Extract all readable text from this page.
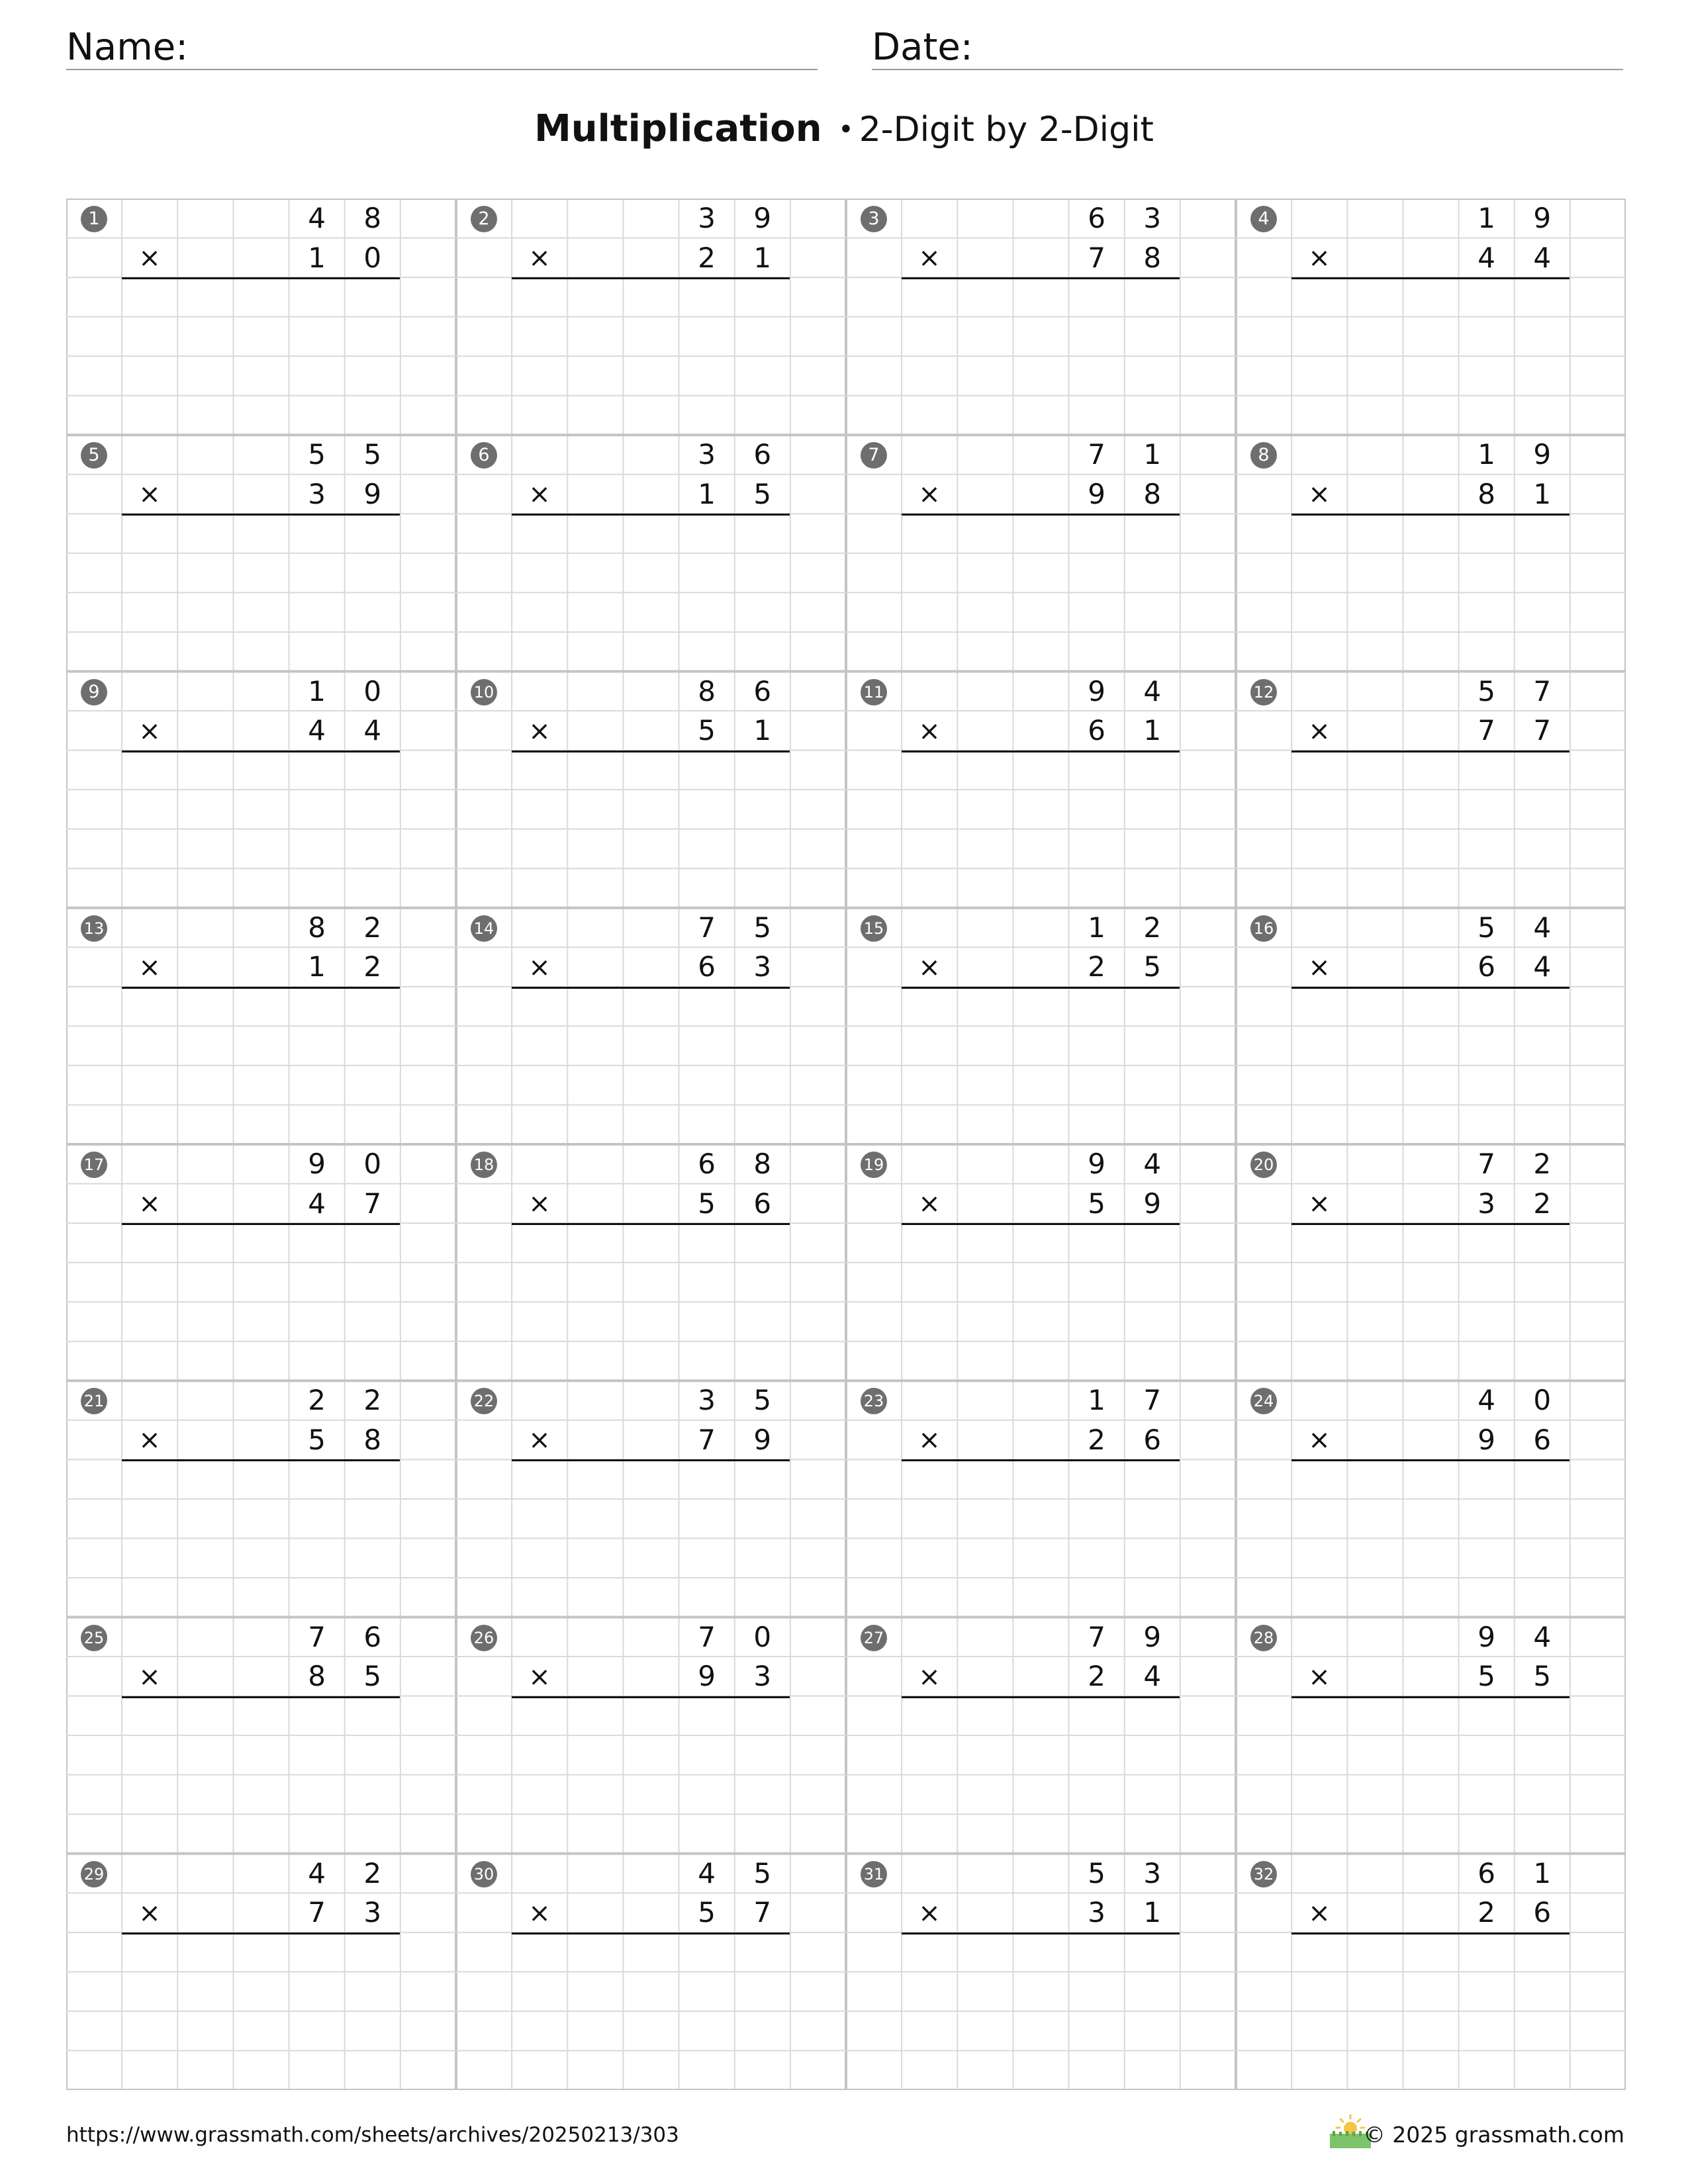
Name:	Date:
Multiplication • 2-Digit by 2-Digit
1	4	8
1	0
×
2	3	9
2	1
×
3	6	3
7	8
×
4	1	9
4	4
×
5	5	5
3	9
×
6	3	6
1	5
×
7	7	1
9	8
×
8	1	9
8	1
×
9	1	0
4	4
×
10	8	6
5	1
×
11	9	4
6	1
×
12	5	7
7	7
×
13	8	2
1	2
×
14	7	5
6	3
×
15	1	2
2	5
×
16	5	4
6	4
×
17	9	0
4	7
×
18	6	8
5	6
×
19	9	4
5	9
×
20	7	2
3	2
×
21	2	2
5	8
×
22	3	5
7	9
×
23	1	7
2	6
×
24	4	0
9	6
×
25	7	6
8	5
×
26	7	0
9	3
×
27	7	9
2	4
×
28	9	4
5	5
×
29	4	2
7	3
×
30	4	5
5	7
×
31	5	3
3	1
×
32	6	1
2	6
×
https://www.grassmath.com/sheets/archives/20250213/303	© 2025 grassmath.com
